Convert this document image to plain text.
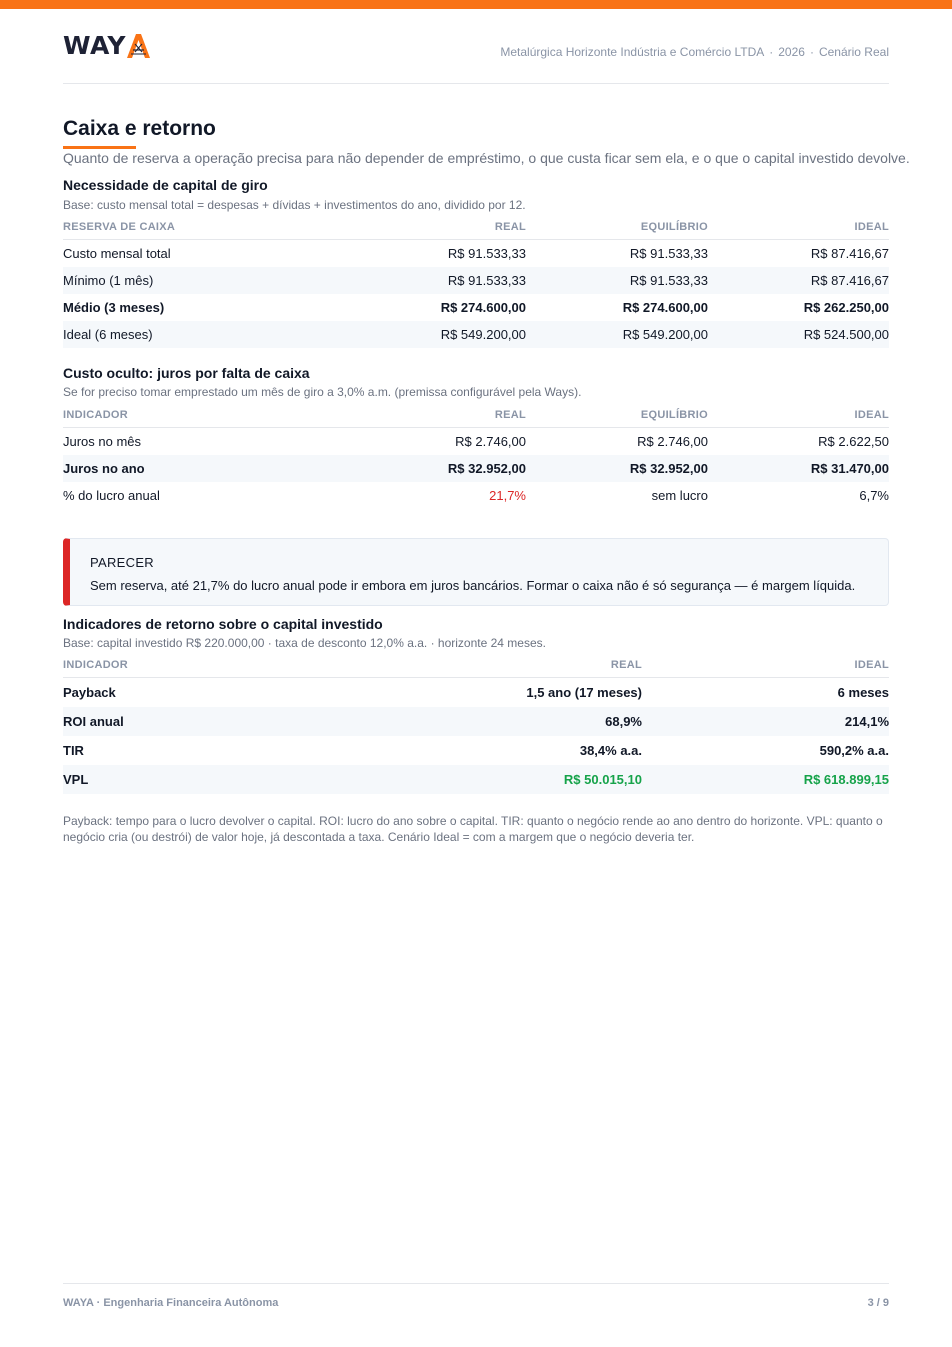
WAY	Metalúrgica Horizonte Indústria e Comércio LTDA · 2026 · Cenário Real
Caixa e retorno
Quanto de reserva a operação precisa para não depender de empréstimo, o que custa ficar sem ela, e o que o capital investido devolve.
Necessidade de capital de giro
Base: custo mensal total = despesas + dívidas + investimentos do ano, dividido por 12.
RESERVA DE CAIXA	REAL	EQUILÍBRIO	IDEAL
Custo mensal total	R$ 91.533,33	R$ 91.533,33	R$ 87.416,67
Mínimo (1 mês)	R$ 91.533,33	R$ 91.533,33	R$ 87.416,67
Médio (3 meses)	R$ 274.600,00	R$ 274.600,00	R$ 262.250,00
Ideal (6 meses)	R$ 549.200,00	R$ 549.200,00	R$ 524.500,00
Custo oculto: juros por falta de caixa
Se for preciso tomar emprestado um mês de giro a 3,0% a.m. (premissa configurável pela Ways).
INDICADOR	REAL	EQUILÍBRIO	IDEAL
Juros no mês	R$ 2.746,00	R$ 2.746,00	R$ 2.622,50
Juros no ano	R$ 32.952,00	R$ 32.952,00	R$ 31.470,00
% do lucro anual	21,7%	sem lucro	6,7%
PARECER
Sem reserva, até 21,7% do lucro anual pode ir embora em juros bancários. Formar o caixa não é só segurança — é margem líquida.
Indicadores de retorno sobre o capital investido
Base: capital investido R$ 220.000,00 · taxa de desconto 12,0% a.a. · horizonte 24 meses.
INDICADOR	REAL	IDEAL
Payback	1,5 ano (17 meses)	6 meses
ROI anual	68,9%	214,1%
TIR	38,4% a.a.	590,2% a.a.
VPL	R$ 50.015,10	R$ 618.899,15
Payback: tempo para o lucro devolver o capital. ROI: lucro do ano sobre o capital. TIR: quanto o negócio rende ao ano dentro do horizonte. VPL: quanto o negócio cria (ou destrói) de valor hoje, já descontada a taxa. Cenário Ideal = com a margem que o negócio deveria ter.
WAYA · Engenharia Financeira Autônoma	3 / 9
